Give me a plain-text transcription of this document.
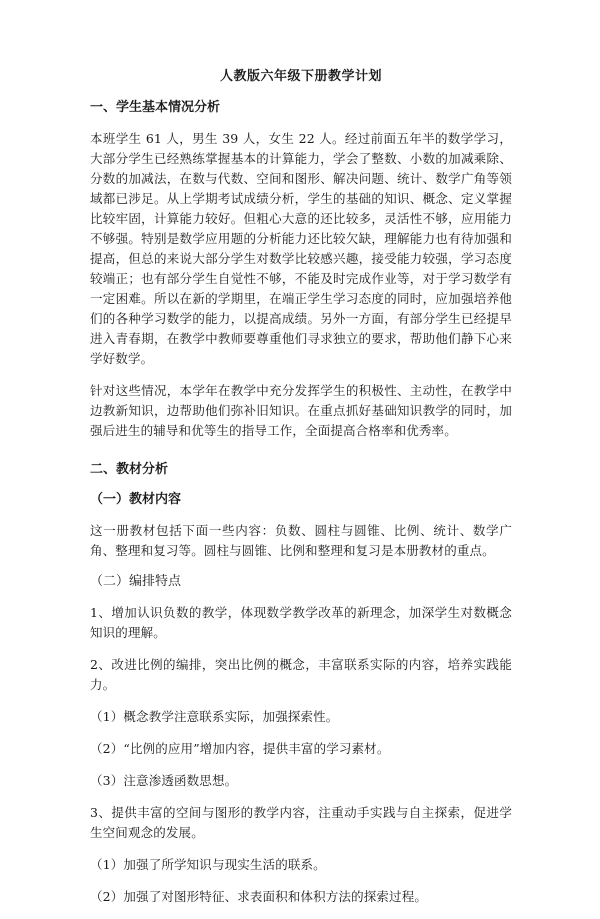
人教版六年级下册教学计划
一、学生基本情况分析
本班学生 61 人，男生 39 人，女生 22 人。经过前面五年半的数学学习，大部分学生已经熟练掌握基本的计算能力，学会了整数、小数的加减乘除、分数的加减法，在数与代数、空间和图形、解决问题、统计、数学广角等领域都已涉足。从上学期考试成绩分析，学生的基础的知识、概念、定义掌握比较牢固，计算能力较好。但粗心大意的还比较多，灵活性不够，应用能力不够强。特别是数学应用题的分析能力还比较欠缺，理解能力也有待加强和提高，但总的来说大部分学生对数学比较感兴趣，接受能力较强，学习态度较端正；也有部分学生自觉性不够，不能及时完成作业等，对于学习数学有一定困难。所以在新的学期里，在端正学生学习态度的同时，应加强培养他们的各种学习数学的能力，以提高成绩。另外一方面，有部分学生已经提早进入青春期，在教学中教师要尊重他们寻求独立的要求，帮助他们静下心来学好数学。
针对这些情况，本学年在教学中充分发挥学生的积极性、主动性，在教学中边教新知识，边帮助他们弥补旧知识。在重点抓好基础知识教学的同时，加强后进生的辅导和优等生的指导工作，全面提高合格率和优秀率。
二、教材分析
（一）教材内容
这一册教材包括下面一些内容：负数、圆柱与圆锥、比例、统计、数学广角、整理和复习等。圆柱与圆锥、比例和整理和复习是本册教材的重点。
（二）编排特点
1、增加认识负数的教学，体现数学教学改革的新理念，加深学生对数概念知识的理解。
2、改进比例的编排，突出比例的概念，丰富联系实际的内容，培养实践能力。
（1）概念教学注意联系实际，加强探索性。
（2）“比例的应用”增加内容，提供丰富的学习素材。
（3）注意渗透函数思想。
3、提供丰富的空间与图形的教学内容，注重动手实践与自主探索，促进学生空间观念的发展。
（1）加强了所学知识与现实生活的联系。
（2）加强了对图形特征、求表面积和体积方法的探索过程。
